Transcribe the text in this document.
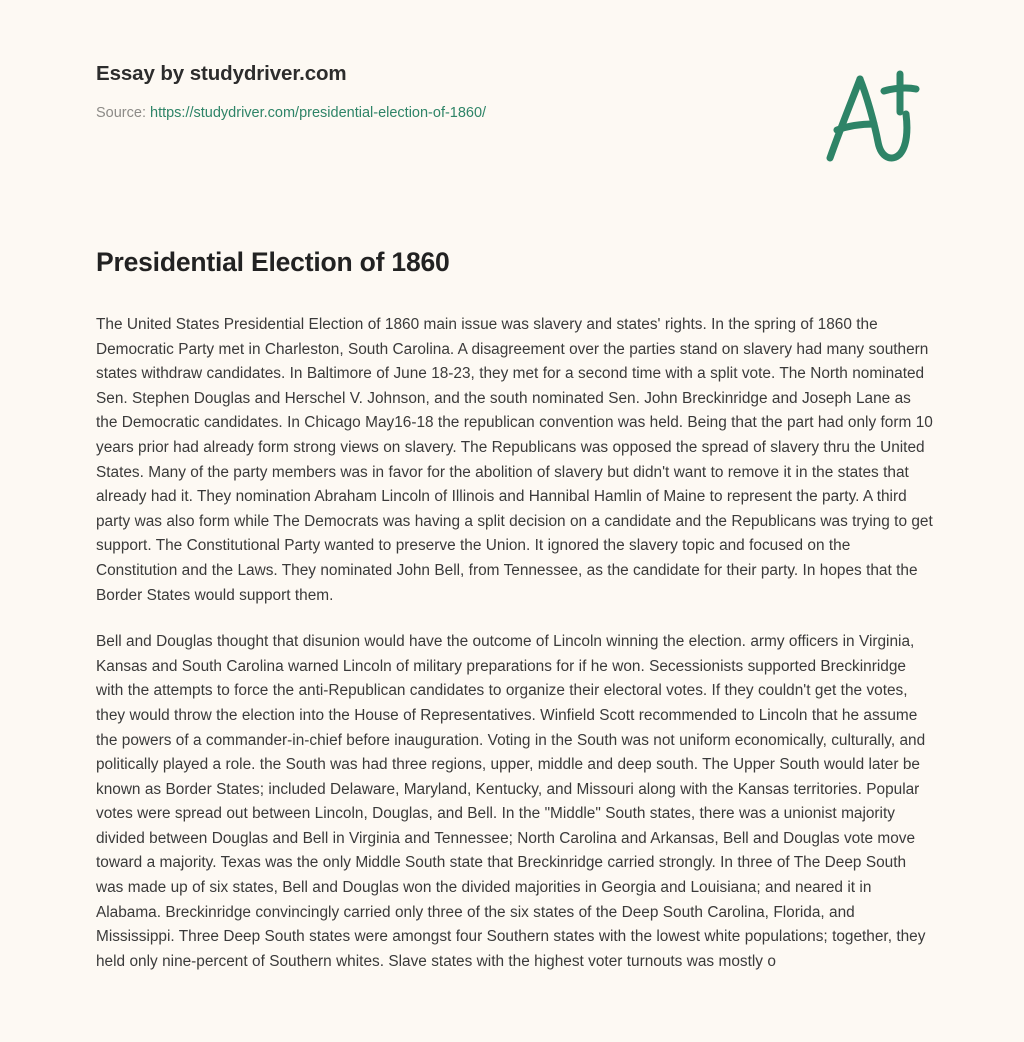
Essay by studydriver.com
Source: https://studydriver.com/presidential-election-of-1860/
Presidential Election of 1860

The United States Presidential Election of 1860 main issue was slavery and states' rights. In the spring of 1860 the Democratic Party met in Charleston, South Carolina. A disagreement over the parties stand on slavery had many southern states withdraw candidates. In Baltimore of June 18-23, they met for a second time with a split vote. The North nominated Sen. Stephen Douglas and Herschel V. Johnson, and the south nominated Sen. John Breckinridge and Joseph Lane as the Democratic candidates. In Chicago May16-18 the republican convention was held. Being that the part had only form 10 years prior had already form strong views on slavery. The Republicans was opposed the spread of slavery thru the United States. Many of the party members was in favor for the abolition of slavery but didn't want to remove it in the states that already had it. They nomination Abraham Lincoln of Illinois and Hannibal Hamlin of Maine to represent the party. A third party was also form while The Democrats was having a split decision on a candidate and the Republicans was trying to get support. The Constitutional Party wanted to preserve the Union. It ignored the slavery topic and focused on the Constitution and the Laws. They nominated John Bell, from Tennessee, as the candidate for their party. In hopes that the Border States would support them.

Bell and Douglas thought that disunion would have the outcome of Lincoln winning the election. army officers in Virginia, Kansas and South Carolina warned Lincoln of military preparations for if he won. Secessionists supported Breckinridge with the attempts to force the anti-Republican candidates to organize their electoral votes. If they couldn't get the votes, they would throw the election into the House of Representatives. Winfield Scott recommended to Lincoln that he assume the powers of a commander-in-chief before inauguration. Voting in the South was not uniform economically, culturally, and politically played a role. the South was had three regions, upper, middle and deep south. The Upper South would later be known as Border States; included Delaware, Maryland, Kentucky, and Missouri along with the Kansas territories. Popular votes were spread out between Lincoln, Douglas, and Bell. In the "Middle" South states, there was a unionist majority divided between Douglas and Bell in Virginia and Tennessee; North Carolina and Arkansas, Bell and Douglas vote move toward a majority. Texas was the only Middle South state that Breckinridge carried strongly. In three of The Deep South was made up of six states, Bell and Douglas won the divided majorities in Georgia and Louisiana; and neared it in Alabama. Breckinridge convincingly carried only three of the six states of the Deep South Carolina, Florida, and Mississippi. Three Deep South states were amongst four Southern states with the lowest white populations; together, they held only nine-percent of Southern whites. Slave states with the highest voter turnouts was mostly o
